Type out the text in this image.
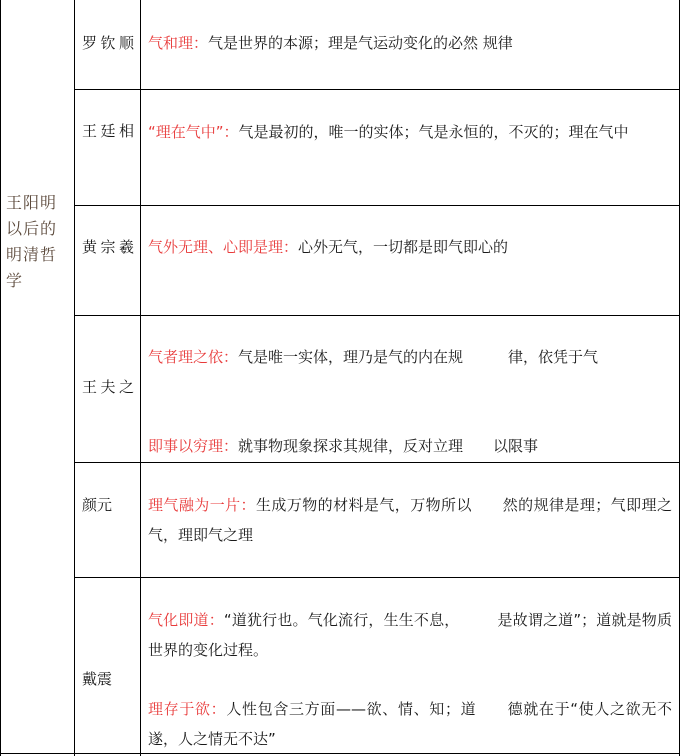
王阳明以后的明清哲学
罗钦顺 气和理：气是世界的本源；理是气运动变化的必然 规律
王廷相 “理在气中”：气是最初的，唯一的实体；气是永恒的，不灭的；理在气中
黄宗羲 气外无理、心即是理：心外无气，一切都是即气即心的
王夫之
气者理之依：气是唯一实体，理乃是气的内在规　　　律，依凭于气
即事以穷理：就事物现象探求其规律，反对立理　　以限事
颜元	理气融为一片：生成万物的材料是气，万物所以　　然的规律是理；气即理之气，理即气之理
戴震
气化即道：“道犹行也。气化流行，生生不息，　　　是故谓之道”；道就是物质世界的变化过程。
理存于欲：人性包含三方面——欲、情、知；道　　德就在于“使人之欲无不遂，人之情无不达”
